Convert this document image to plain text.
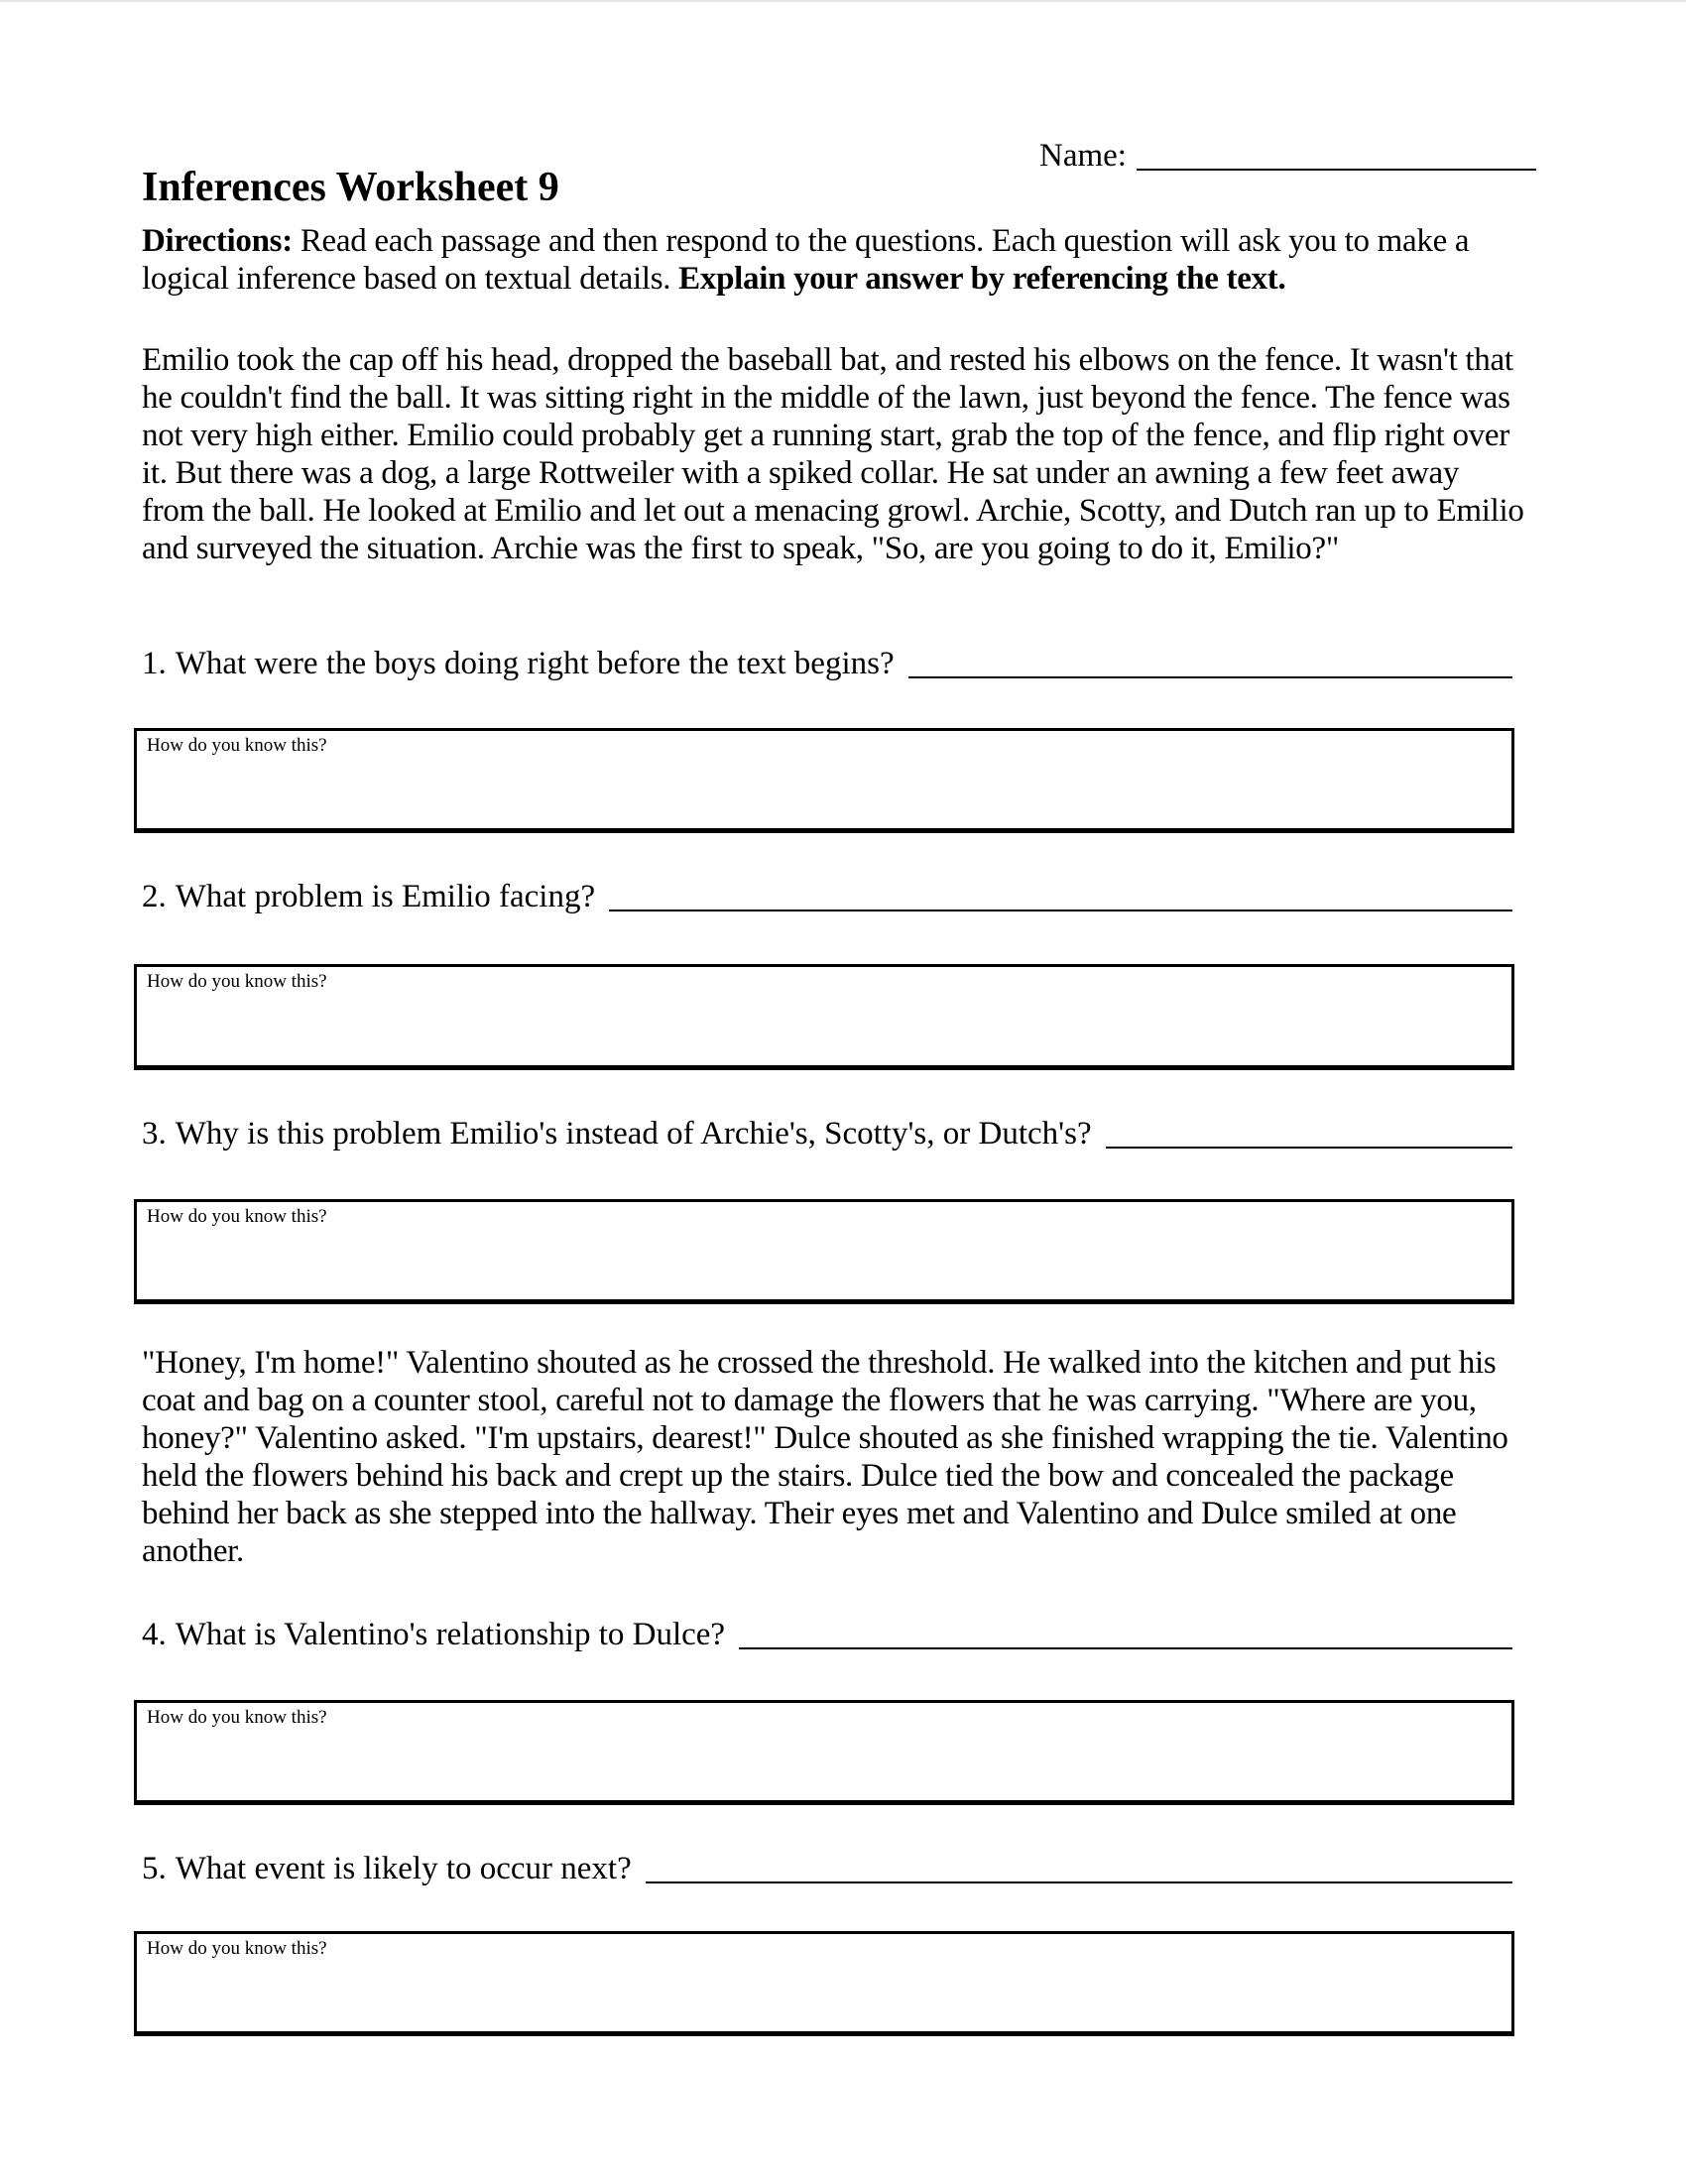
Name:
Inferences Worksheet 9

Directions: Read each passage and then respond to the questions. Each question will ask you to make a logical inference based on textual details. Explain your answer by referencing the text.

Emilio took the cap off his head, dropped the baseball bat, and rested his elbows on the fence. It wasn't that he couldn't find the ball. It was sitting right in the middle of the lawn, just beyond the fence. The fence was not very high either. Emilio could probably get a running start, grab the top of the fence, and flip right over it. But there was a dog, a large Rottweiler with a spiked collar. He sat under an awning a few feet away from the ball. He looked at Emilio and let out a menacing growl. Archie, Scotty, and Dutch ran up to Emilio and surveyed the situation. Archie was the first to speak, "So, are you going to do it, Emilio?"

1. What were the boys doing right before the text begins?
How do you know this?
2. What problem is Emilio facing?
How do you know this?
3. Why is this problem Emilio's instead of Archie's, Scotty's, or Dutch's?
How do you know this?

"Honey, I'm home!" Valentino shouted as he crossed the threshold. He walked into the kitchen and put his coat and bag on a counter stool, careful not to damage the flowers that he was carrying. "Where are you, honey?" Valentino asked. "I'm upstairs, dearest!" Dulce shouted as she finished wrapping the tie. Valentino held the flowers behind his back and crept up the stairs. Dulce tied the bow and concealed the package behind her back as she stepped into the hallway. Their eyes met and Valentino and Dulce smiled at one another.

4. What is Valentino's relationship to Dulce?
How do you know this?
5. What event is likely to occur next?
How do you know this?
